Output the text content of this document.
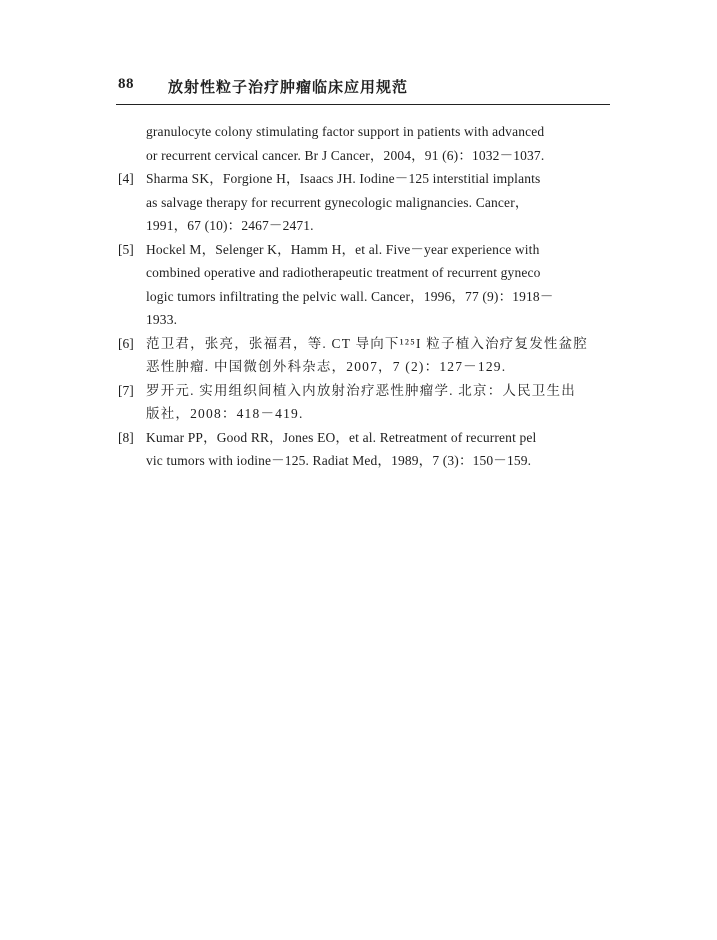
88 放射性粒子治疗肿瘤临床应用规范
granulocyte colony stimulating factor support in patients with advanced
or recurrent cervical cancer. Br J Cancer，2004，91 (6)：1032－1037.
[4] Sharma SK，Forgione H，Isaacs JH. Iodine－125 interstitial implants
as salvage therapy for recurrent gynecologic malignancies. Cancer，
1991，67 (10)：2467－2471.
[5] Hockel M，Selenger K，Hamm H，et al. Five－year experience with
combined operative and radiotherapeutic treatment of recurrent gyneco
logic tumors infiltrating the pelvic wall. Cancer，1996，77 (9)：1918－
1933.
[6] 范卫君，张亮，张福君，等. CT 导向下¹²⁵I 粒子植入治疗复发性盆腔
恶性肿瘤. 中国微创外科杂志，2007，7 (2)：127－129.
[7] 罗开元. 实用组织间植入内放射治疗恶性肿瘤学. 北京：人民卫生出
版社，2008：418－419.
[8] Kumar PP，Good RR，Jones EO，et al. Retreatment of recurrent pel
vic tumors with iodine－125. Radiat Med，1989，7 (3)：150－159.
